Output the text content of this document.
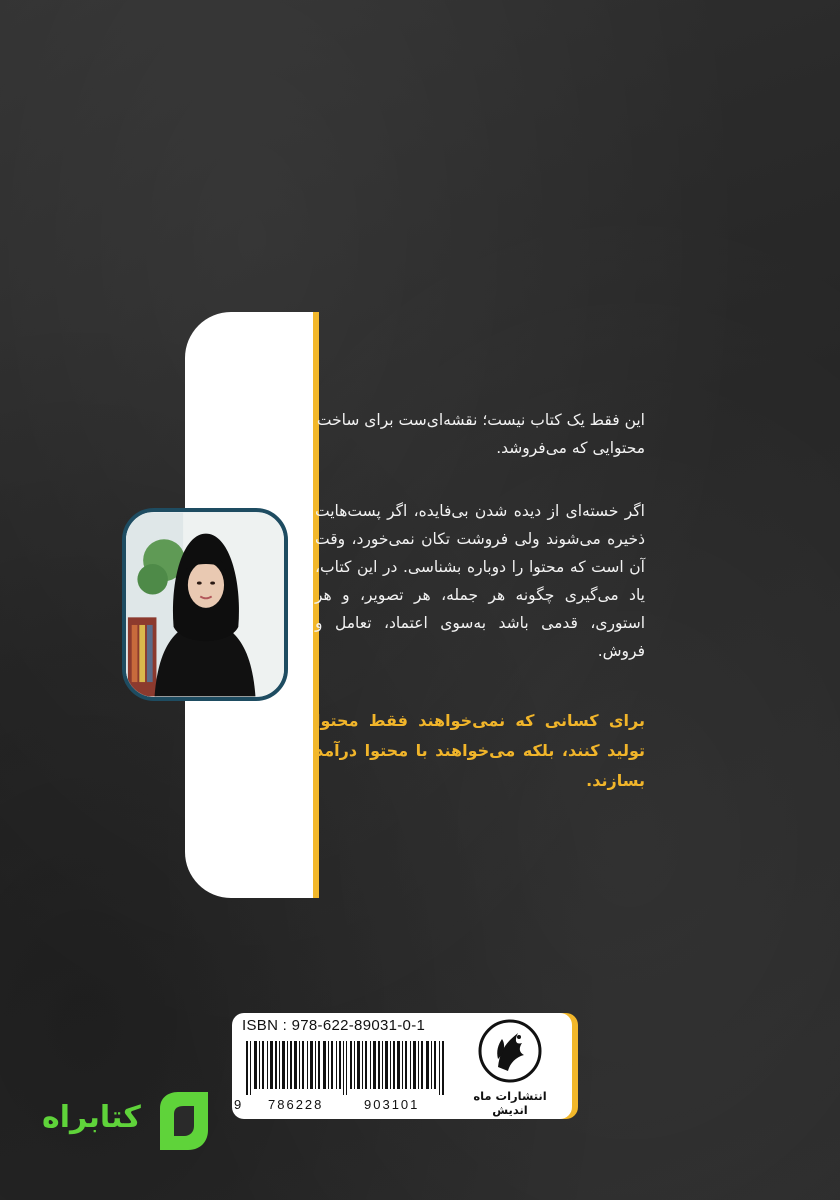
این فقط یک کتاب نیست؛ نقشه‌ای‌ست برای ساخت محتوایی که می‌فروشد.
اگر خسته‌ای از دیده شدن بی‌فایده، اگر پست‌هایت ذخیره می‌شوند ولی فروشت تکان نمی‌خورد، وقت آن است که محتوا را دوباره بشناسی. در این کتاب، یاد می‌گیری چگونه هر جمله، هر تصویر، و هر استوری، قدمی باشد به‌سوی اعتماد، تعامل و فروش.
برای کسانی که نمی‌خواهند فقط محتوا تولید کنند، بلکه می‌خواهند با محتوا درآمد بسازند.
ISBN : 978-622-89031-0-1
9 786228	903101
انتشارات ماه اندیش
کتابراه
